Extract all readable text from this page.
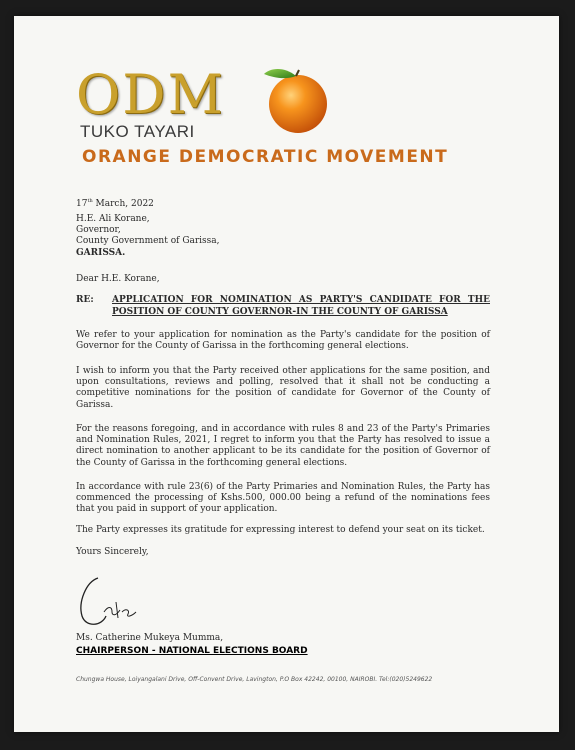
ODM
TUKO TAYARI
ORANGE DEMOCRATIC MOVEMENT
17th March, 2022
H.E. Ali Korane,
Governor,
County Government of Garissa,
GARISSA.
Dear H.E. Korane,
RE: APPLICATION FOR NOMINATION AS PARTY'S CANDIDATE FOR THE POSITION OF COUNTY GOVERNOR-IN THE COUNTY OF GARISSA
We refer to your application for nomination as the Party's candidate for the position of Governor for the County of Garissa in the forthcoming general elections.
I wish to inform you that the Party received other applications for the same position, and upon consultations, reviews and polling, resolved that it shall not be conducting a competitive nominations for the position of candidate for Governor of the County of Garissa.
For the reasons foregoing, and in accordance with rules 8 and 23 of the Party's Primaries and Nomination Rules, 2021, I regret to inform you that the Party has resolved to issue a direct nomination to another applicant to be its candidate for the position of Governor of the County of Garissa in the forthcoming general elections.
In accordance with rule 23(6) of the Party Primaries and Nomination Rules, the Party has commenced the processing of Kshs.500, 000.00 being a refund of the nominations fees that you paid in support of your application.
The Party expresses its gratitude for expressing interest to defend your seat on its ticket.
Yours Sincerely,
Ms. Catherine Mukeya Mumma,
CHAIRPERSON - NATIONAL ELECTIONS BOARD
Chungwa House, Loiyangalani Drive, Off-Convent Drive, Lavington, P.O Box 42242, 00100, NAIROBI. Tel:(020)5249622
